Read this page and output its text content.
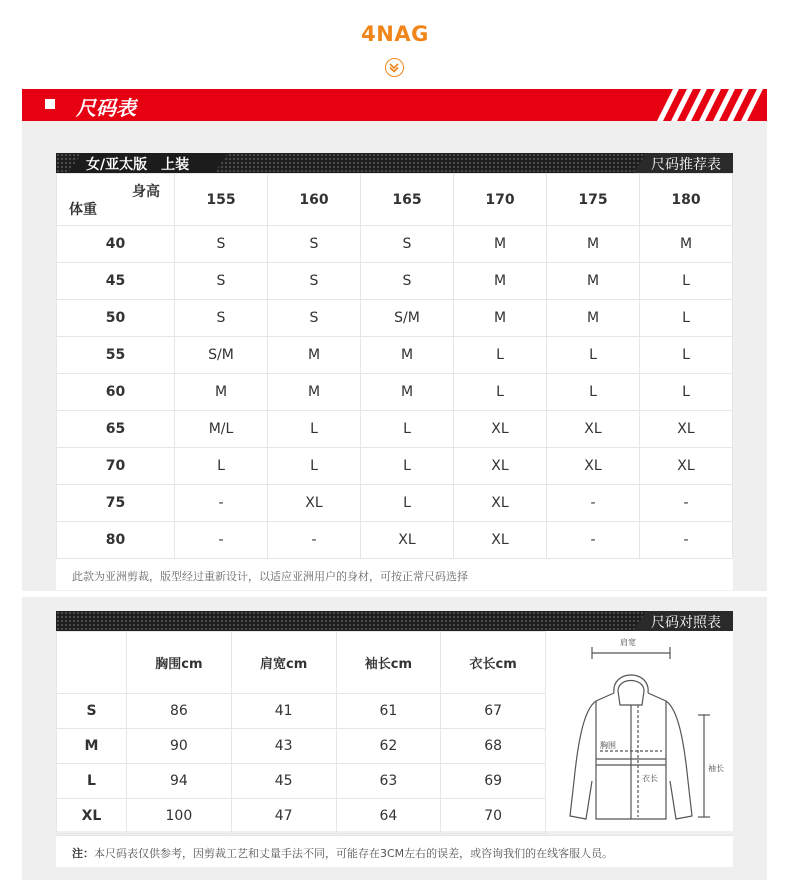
4NAG
尺码表
女/亚太版　上装	尺码推荐表
身高
体重	155	160	165	170	175	180
40	S	S	S	M	M	M
45	S	S	S	M	M	L
50	S	S	S/M	M	M	L
55	S/M	M	M	L	L	L
60	M	M	M	L	L	L
65	M/L	L	L	XL	XL	XL
70	L	L	L	XL	XL	XL
75	-	XL	L	XL	-	-
80	-	-	XL	XL	-	-
此款为亚洲剪裁，版型经过重新设计，以适应亚洲用户的身材，可按正常尺码选择
尺码对照表
	胸围cm	肩宽cm	袖长cm	衣长cm
S	86	41	61	67
M	90	43	62	68
L	94	45	63	69
XL	100	47	64	70
肩宽
胸围
衣长
袖长
注：本尺码表仅供参考，因剪裁工艺和丈量手法不同，可能存在3CM左右的误差，或咨询我们的在线客服人员。
